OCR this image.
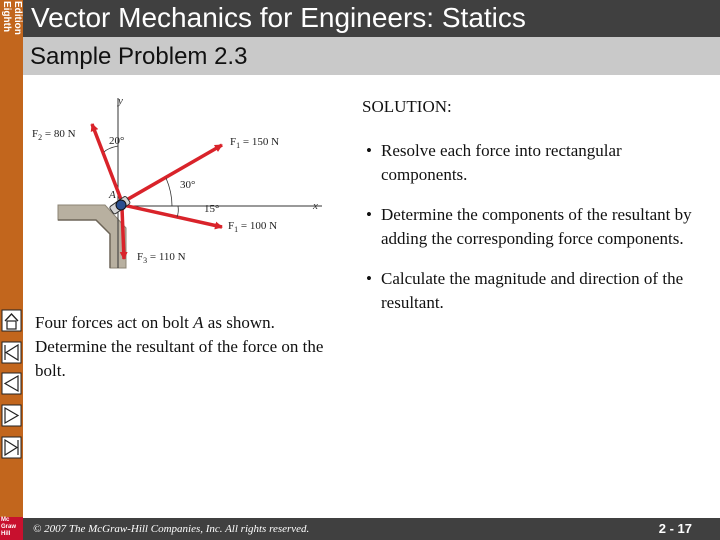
Eighth Edition Vector Mechanics for Engineers: Statics
Sample Problem 2.3
y
x
A
$F_2 = 80$ N
$F_1 = 150$ N
$F_1 = 100$ N
$F_3 = 110$ N
20°
30°
15°
Four forces act on bolt A as shown. Determine the resultant of the force on the bolt.
SOLUTION:
• Resolve each force into rectangular components.
• Determine the components of the resultant by adding the corresponding force components.
• Calculate the magnitude and direction of the resultant.
Mc
Graw
Hill	© 2007 The McGraw-Hill Companies, Inc. All rights reserved.	2 - 17
